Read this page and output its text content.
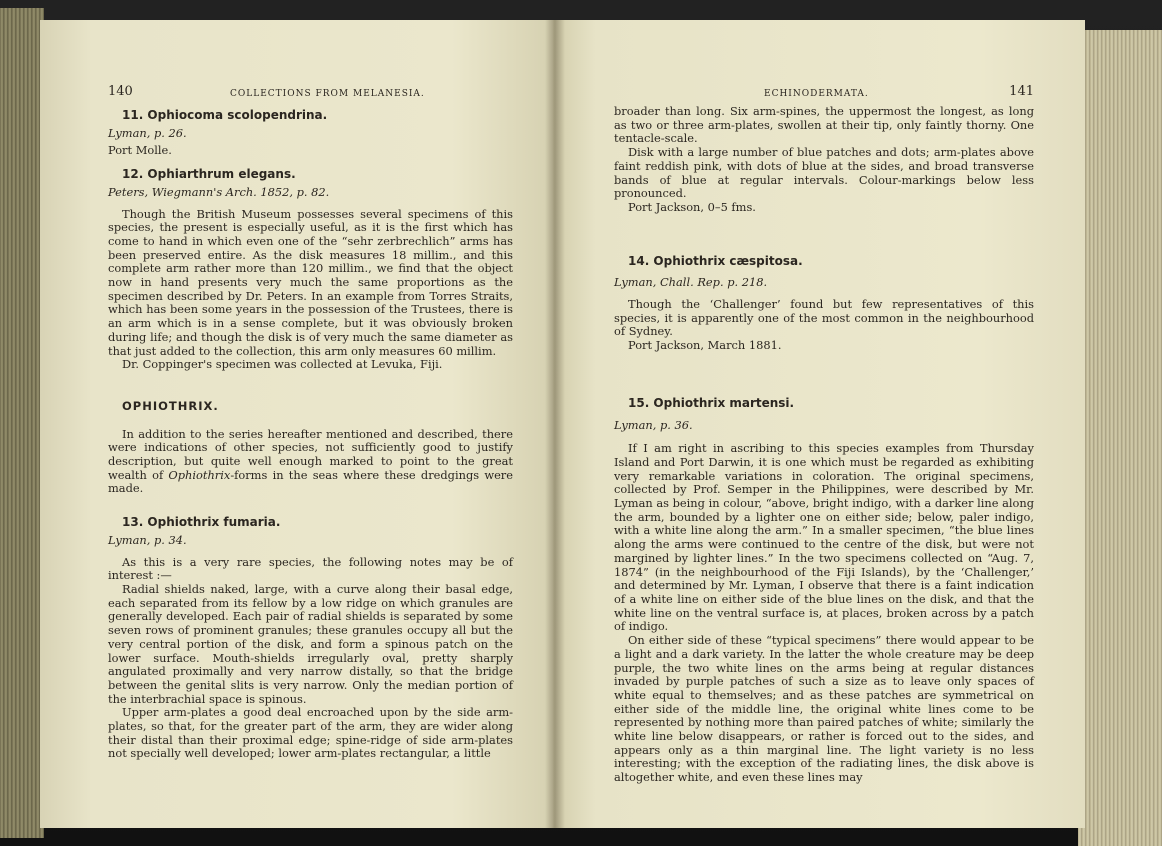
140	COLLECTIONS FROM MELANESIA.

11. Ophiocoma scolopendrina.

Lyman, p. 26.

Port Molle.

12. Ophiarthrum elegans.

Peters, Wiegmann's Arch. 1852, p. 82.

Though the British Museum possesses several specimens of this species, the present is especially useful, as it is the first which has come to hand in which even one of the “sehr zerbrechlich” arms has been preserved entire. As the disk measures 18 millim., and this complete arm rather more than 120 millim., we find that the object now in hand presents very much the same proportions as the specimen described by Dr. Peters. In an example from Torres Straits, which has been some years in the possession of the Trustees, there is an arm which is in a sense complete, but it was obviously broken during life; and though the disk is of very much the same diameter as that just added to the collection, this arm only measures 60 millim.

Dr. Coppinger's specimen was collected at Levuka, Fiji.

OPHIOTHRIX.

In addition to the series hereafter mentioned and described, there were indications of other species, not sufficiently good to justify description, but quite well enough marked to point to the great wealth of Ophiothrix-forms in the seas where these dredgings were made.

13. Ophiothrix fumaria.

Lyman, p. 34.

As this is a very rare species, the following notes may be of interest :—

Radial shields naked, large, with a curve along their basal edge, each separated from its fellow by a low ridge on which granules are generally developed. Each pair of radial shields is separated by some seven rows of prominent granules; these granules occupy all but the very central portion of the disk, and form a spinous patch on the lower surface. Mouth-shields irregularly oval, pretty sharply angulated proximally and very narrow distally, so that the bridge between the genital slits is very narrow. Only the median portion of the interbrachial space is spinous.

Upper arm-plates a good deal encroached upon by the side arm-plates, so that, for the greater part of the arm, they are wider along their distal than their proximal edge; spine-ridge of side arm-plates not specially well developed; lower arm-plates rectangular, a little

ECHINODERMATA.	141

broader than long. Six arm-spines, the uppermost the longest, as long as two or three arm-plates, swollen at their tip, only faintly thorny. One tentacle-scale.

Disk with a large number of blue patches and dots; arm-plates above faint reddish pink, with dots of blue at the sides, and broad transverse bands of blue at regular intervals. Colour-markings below less pronounced.

Port Jackson, 0–5 fms.

14. Ophiothrix cæspitosa.

Lyman, Chall. Rep. p. 218.

Though the ‘Challenger’ found but few representatives of this species, it is apparently one of the most common in the neighbourhood of Sydney.

Port Jackson, March 1881.

15. Ophiothrix martensi.

Lyman, p. 36.

If I am right in ascribing to this species examples from Thursday Island and Port Darwin, it is one which must be regarded as exhibiting very remarkable variations in coloration. The original specimens, collected by Prof. Semper in the Philippines, were described by Mr. Lyman as being in colour, “above, bright indigo, with a darker line along the arm, bounded by a lighter one on either side; below, paler indigo, with a white line along the arm.” In a smaller specimen, “the blue lines along the arms were continued to the centre of the disk, but were not margined by lighter lines.” In the two specimens collected on “Aug. 7, 1874” (in the neighbourhood of the Fiji Islands), by the ‘Challenger,’ and determined by Mr. Lyman, I observe that there is a faint indication of a white line on either side of the blue lines on the disk, and that the white line on the ventral surface is, at places, broken across by a patch of indigo.

On either side of these “typical specimens” there would appear to be a light and a dark variety. In the latter the whole creature may be deep purple, the two white lines on the arms being at regular distances invaded by purple patches of such a size as to leave only spaces of white equal to themselves; and as these patches are symmetrical on either side of the middle line, the original white lines come to be represented by nothing more than paired patches of white; similarly the white line below disappears, or rather is forced out to the sides, and appears only as a thin marginal line. The light variety is no less interesting; with the exception of the radiating lines, the disk above is altogether white, and even these lines may
